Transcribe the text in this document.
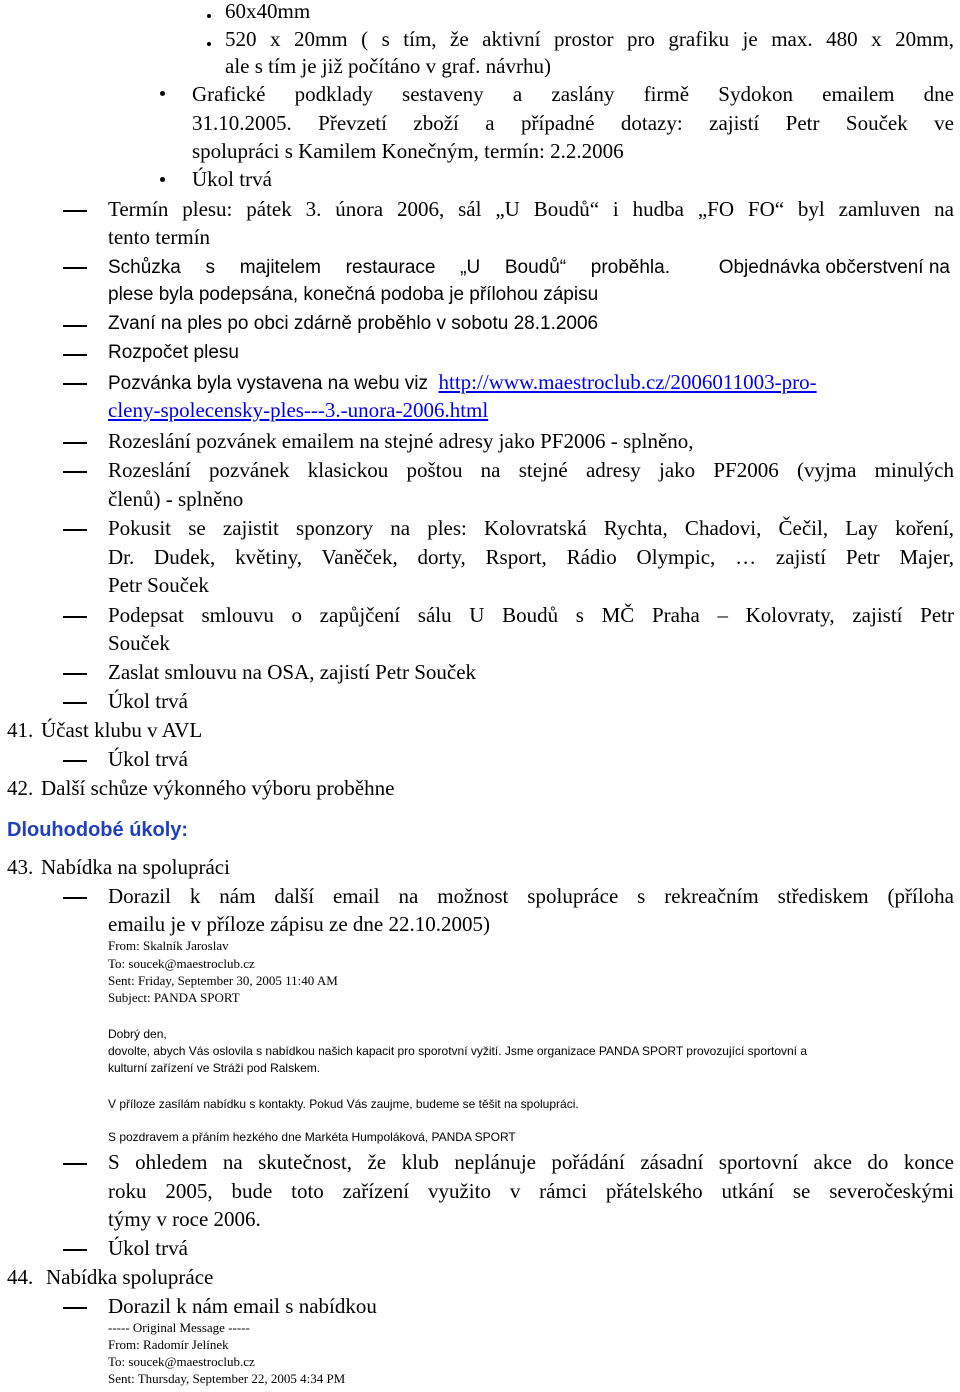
60x40mm
520 x 20mm ( s tím, že aktivní prostor pro grafiku je max. 480 x 20mm,
ale s tím je již počítáno v graf. návrhu)
Grafické podklady sestaveny a zaslány firmě Sydokon emailem dne
31.10.2005. Převzetí zboží a případné dotazy: zajistí Petr Souček ve
spolupráci s Kamilem Konečným, termín: 2.2.2006
Úkol trvá
Termín plesu: pátek 3. února 2006, sál „U Boudů“ i hudba „FO FO“ byl zamluven na
tento termín
Schůzka s majitelem restaurace „U Boudů“ proběhla.	Objednávka občerstvení na
plese byla podepsána, konečná podoba je přílohou zápisu
Zvaní na ples po obci zdárně proběhlo v sobotu 28.1.2006
Rozpočet plesu
Pozvánka byla vystavena na webu viz http://www.maestroclub.cz/2006011003-pro-
cleny-spolecensky-ples---3.-unora-2006.html
Rozeslání pozvánek emailem na stejné adresy jako PF2006 - splněno,
Rozeslání pozvánek klasickou poštou na stejné adresy jako PF2006 (vyjma minulých
členů) - splněno
Pokusit se zajistit sponzory na ples: Kolovratská Rychta, Chadovi, Čečil, Lay koření,
Dr. Dudek, květiny, Vaněček, dorty, Rsport, Rádio Olympic, … zajistí Petr Majer,
Petr Souček
Podepsat smlouvu o zapůjčení sálu U Boudů s MČ Praha – Kolovraty, zajistí Petr
Souček
Zaslat smlouvu na OSA, zajistí Petr Souček
Úkol trvá
41. Účast klubu v AVL
Úkol trvá
42. Další schůze výkonného výboru proběhne
Dlouhodobé úkoly:
43. Nabídka na spolupráci
Dorazil k nám další email na možnost spolupráce s rekreačním střediskem (příloha
emailu je v příloze zápisu ze dne 22.10.2005)
From: Skalník Jaroslav
To: soucek@maestroclub.cz
Sent: Friday, September 30, 2005 11:40 AM
Subject: PANDA SPORT
Dobrý den,
dovolte, abych Vás oslovila s nabídkou našich kapacit pro sporotvní vyžití. Jsme organizace PANDA SPORT provozující sportovní a
kulturní zařízení ve Stráži pod Ralskem.
V příloze zasílám nabídku s kontakty. Pokud Vás zaujme, budeme se těšit na spolupráci.
S pozdravem a přáním hezkého dne Markéta Humpoláková, PANDA SPORT
S ohledem na skutečnost, že klub neplánuje pořádání zásadní sportovní akce do konce
roku 2005, bude toto zařízení využito v rámci přátelského utkání se severočeskými
týmy v roce 2006.
Úkol trvá
44. Nabídka spolupráce
Dorazil k nám email s nabídkou
----- Original Message -----
From: Radomír Jelínek
To: soucek@maestroclub.cz
Sent: Thursday, September 22, 2005 4:34 PM
